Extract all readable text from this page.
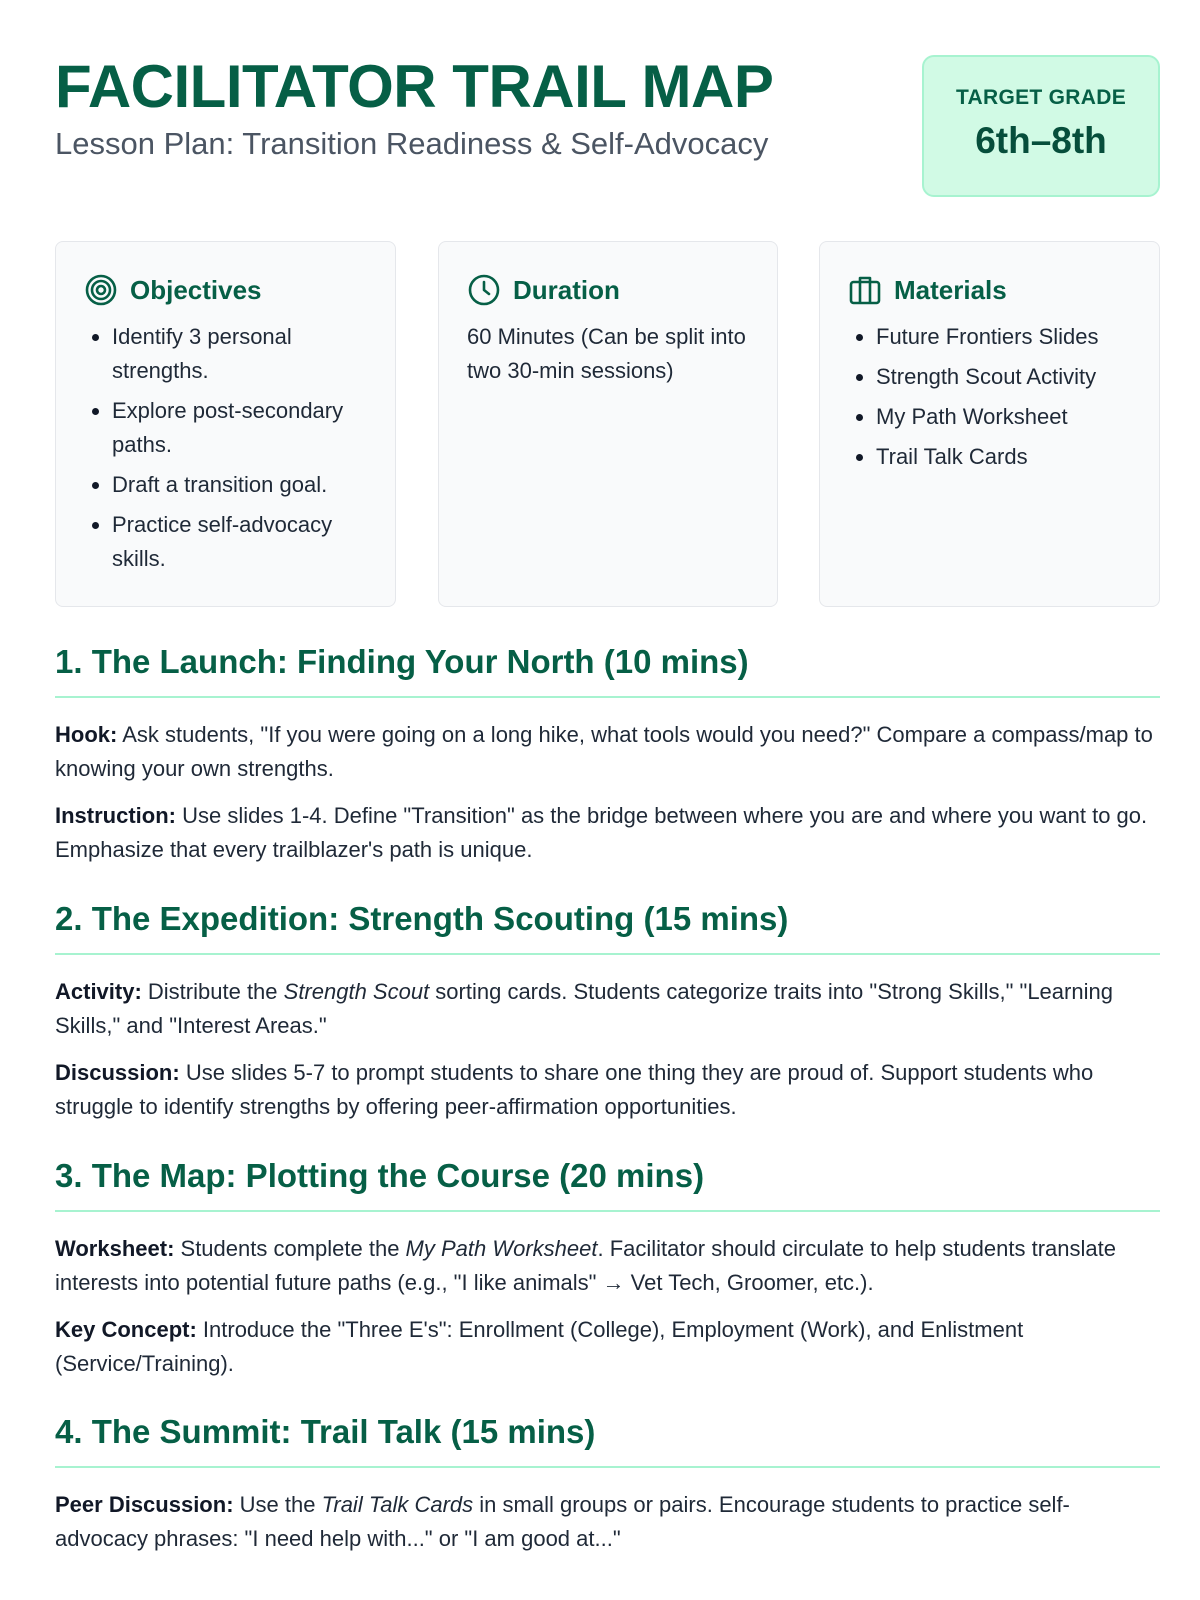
FACILITATOR TRAIL MAP
Lesson Plan: Transition Readiness & Self-Advocacy
TARGET GRADE
6th–8th
Objectives
• Identify 3 personal strengths.
• Explore post-secondary paths.
• Draft a transition goal.
• Practice self-advocacy skills.
Duration

60 Minutes (Can be split into two 30-min sessions)

Materials
• Future Frontiers Slides
• Strength Scout Activity
• My Path Worksheet
• Trail Talk Cards
1. The Launch: Finding Your North (10 mins)

Hook: Ask students, "If you were going on a long hike, what tools would you need?" Compare a compass/map to knowing your own strengths.

Instruction: Use slides 1-4. Define "Transition" as the bridge between where you are and where you want to go. Emphasize that every trailblazer's path is unique.

2. The Expedition: Strength Scouting (15 mins)

Activity: Distribute the Strength Scout sorting cards. Students categorize traits into "Strong Skills," "Learning Skills," and "Interest Areas."

Discussion: Use slides 5-7 to prompt students to share one thing they are proud of. Support students who struggle to identify strengths by offering peer-affirmation opportunities.

3. The Map: Plotting the Course (20 mins)

Worksheet: Students complete the My Path Worksheet. Facilitator should circulate to help students translate interests into potential future paths (e.g., "I like animals" → Vet Tech, Groomer, etc.).

Key Concept: Introduce the "Three E's": Enrollment (College), Employment (Work), and Enlistment (Service/Training).

4. The Summit: Trail Talk (15 mins)

Peer Discussion: Use the Trail Talk Cards in small groups or pairs. Encourage students to practice self-advocacy phrases: "I need help with..." or "I am good at..."
